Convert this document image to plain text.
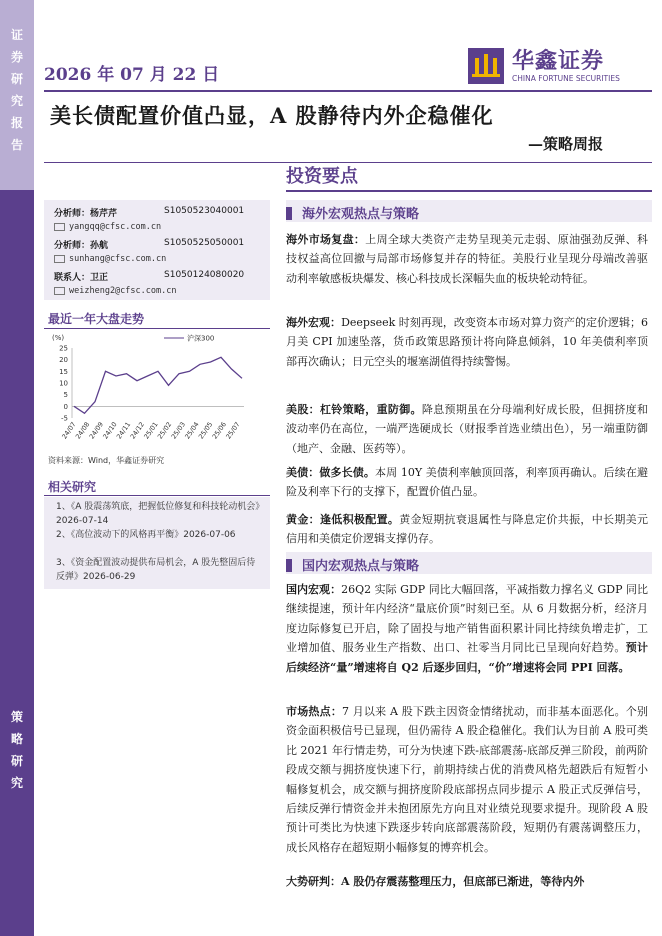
证
券
研
究
报
告
策
略
研
究
2026 年 07 月 22 日
华鑫证券
CHINA FORTUNE SECURITIES
美长债配置价值凸显，A 股静待内外企稳催化
—策略周报
投资要点
分析师：杨芹芹	S1050523040001
yangqq@cfsc.com.cn
分析师：孙航	S1050525050001
sunhang@cfsc.com.cn
联系人：卫正	S1050124080020
weizheng2@cfsc.com.cn
最近一年大盘走势
(%)
25
20
15
10
5
0
-5
24/07
24/08
24/09
24/10
24/11
24/12
25/01
25/02
25/03
25/04
25/05
25/06
25/07
沪深300
资料来源：Wind，华鑫证券研究
相关研究
1、《A 股震荡筑底，把握低位修复和科技轮动机会》2026-07-14
2、《高位波动下的风格再平衡》2026-07-06
3、《资金配置波动提供布局机会，A 股先整固后待反弹》2026-06-29
海外宏观热点与策略
海外市场复盘：上周全球大类资产走势呈现美元走弱、原油强劲反弹、科技权益高位回撤与局部市场修复并存的特征。美股行业呈现分母端改善驱动利率敏感板块爆发、核心科技成长深幅失血的板块轮动特征。
海外宏观：Deepseek 时刻再现，改变资本市场对算力资产的定价逻辑；6 月美 CPI 加速坠落，货币政策思路预计将向降息倾斜，10 年美债利率顶部再次确认；日元空头的堰塞湖值得持续警惕。
美股：杠铃策略，重防御。降息预期虽在分母端利好成长股，但拥挤度和波动率仍在高位，一端严选硬成长（财报季首选业绩出色），另一端重防御（地产、金融、医药等）。
美债：做多长债。本周 10Y 美债利率触顶回落，利率顶再确认。后续在避险及利率下行的支撑下，配置价值凸显。
黄金：逢低积极配置。黄金短期抗衰退属性与降息定价共振，中长期美元信用和美债定价逻辑支撑仍存。
国内宏观热点与策略
国内宏观：26Q2 实际 GDP 同比大幅回落，平减指数力撑名义 GDP 同比继续提速，预计年内经济“量底价顶”时刻已至。从 6 月数据分析，经济月度边际修复已开启，除了固投与地产销售面积累计同比持续负增走扩，工业增加值、服务业生产指数、出口、社零当月同比已呈现向好趋势。预计后续经济“量”增速将自 Q2 后逐步回归，“价”增速将会同 PPI 回落。
市场热点：7 月以来 A 股下跌主因资金情绪扰动，而非基本面恶化。个别资金面积极信号已显现，但仍需待 A 股企稳催化。我们认为目前 A 股可类比 2021 年行情走势，可分为快速下跌-底部震荡-底部反弹三阶段，前两阶段成交额与拥挤度快速下行，前期持续占优的消费风格先超跌后有短暂小幅修复机会，成交额与拥挤度阶段底部拐点同步提示 A 股正式反弹信号，后续反弹行情资金并未抱团原先方向且对业绩兑现要求提升。现阶段 A 股预计可类比为快速下跌逐步转向底部震荡阶段，短期仍有震荡调整压力，成长风格存在超短期小幅修复的博弈机会。
大势研判：A 股仍存震荡整理压力，但底部已渐进，等待内外
